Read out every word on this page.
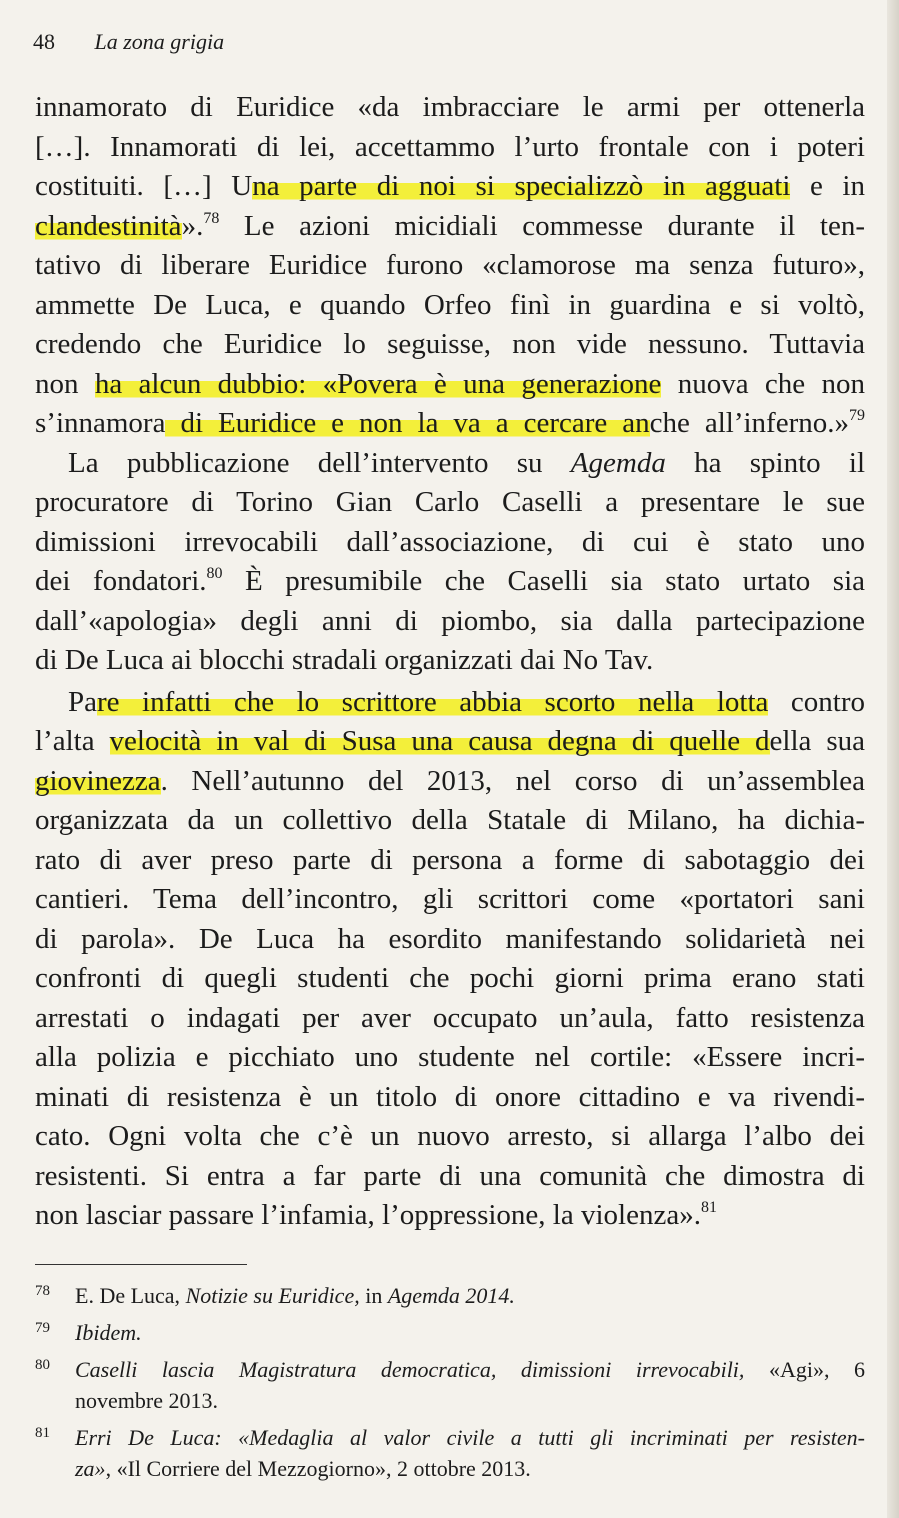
48 La zona grigia
innamorato di Euridice «da imbracciare le armi per ottenerla
[…]. Innamorati di lei, accettammo l’urto frontale con i poteri
costituiti. […] Una parte di noi si specializzò in agguati e in
clandestinità».$^{78}$ Le azioni micidiali commesse durante il ten-
tativo di liberare Euridice furono «clamorose ma senza futuro»,
ammette De Luca, e quando Orfeo finì in guardina e si voltò,
credendo che Euridice lo seguisse, non vide nessuno. Tuttavia
non ha alcun dubbio: «Povera è una generazione nuova che non
s’innamora di Euridice e non la va a cercare anche all’inferno.»$^{79}$
La pubblicazione dell’intervento su Agemda ha spinto il
procuratore di Torino Gian Carlo Caselli a presentare le sue
dimissioni irrevocabili dall’associazione, di cui è stato uno
dei fondatori.$^{80}$ È presumibile che Caselli sia stato urtato sia
dall’«apologia» degli anni di piombo, sia dalla partecipazione
di De Luca ai blocchi stradali organizzati dai No Tav.
Pare infatti che lo scrittore abbia scorto nella lotta contro
l’alta velocità in val di Susa una causa degna di quelle della sua
giovinezza. Nell’autunno del 2013, nel corso di un’assemblea
organizzata da un collettivo della Statale di Milano, ha dichia-
rato di aver preso parte di persona a forme di sabotaggio dei
cantieri. Tema dell’incontro, gli scrittori come «portatori sani
di parola». De Luca ha esordito manifestando solidarietà nei
confronti di quegli studenti che pochi giorni prima erano stati
arrestati o indagati per aver occupato un’aula, fatto resistenza
alla polizia e picchiato uno studente nel cortile: «Essere incri-
minati di resistenza è un titolo di onore cittadino e va rivendi-
cato. Ogni volta che c’è un nuovo arresto, si allarga l’albo dei
resistenti. Si entra a far parte di una comunità che dimostra di
non lasciar passare l’infamia, l’oppressione, la violenza».$^{81}$
78 E. De Luca, Notizie su Euridice, in Agemda 2014.
79 Ibidem.
80 Caselli lascia Magistratura democratica, dimissioni irrevocabili, «Agi», 6
novembre 2013.
81 Erri De Luca: «Medaglia al valor civile a tutti gli incriminati per resisten-
za», «Il Corriere del Mezzogiorno», 2 ottobre 2013.
